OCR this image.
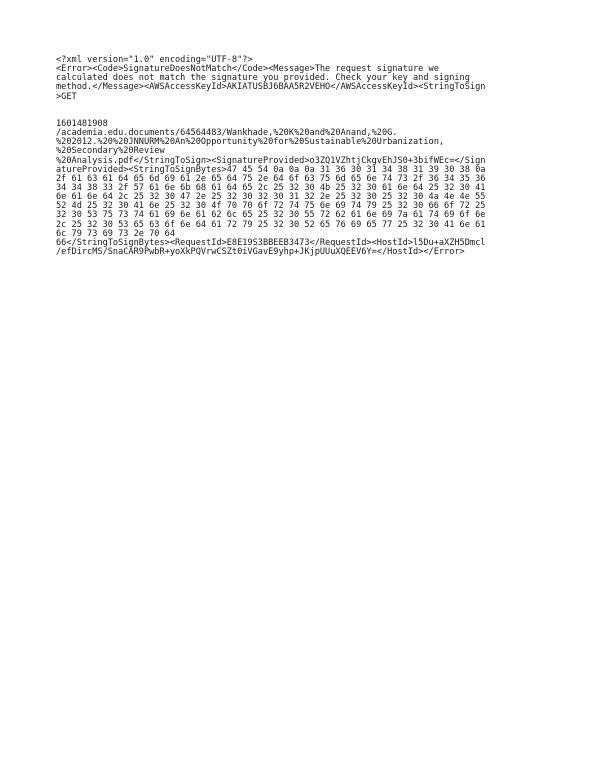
<?xml version="1.0" encoding="UTF-8"?>
<Error><Code>SignatureDoesNotMatch</Code><Message>The request signature we
calculated does not match the signature you provided. Check your key and signing
method.</Message><AWSAccessKeyId>AKIATUSBJ6BAA5R2VEHO</AWSAccessKeyId><StringToSign
>GET
1601481908
/academia.edu.documents/64564483/Wankhade,%20K%20and%20Anand,%20G.
%202012.%20%20JNNURM%20An%20Opportunity%20for%20Sustainable%20Urbanization,
%20Secondary%20Review
%20Analysis.pdf</StringToSign><SignatureProvided>o3ZQ1VZhtjCkgvEhJS0+3bifWEc=</Sign
atureProvided><StringToSignBytes>47 45 54 0a 0a 0a 31 36 30 31 34 38 31 39 30 38 0a
2f 61 63 61 64 65 6d 69 61 2e 65 64 75 2e 64 6f 63 75 6d 65 6e 74 73 2f 36 34 35 36
34 34 38 33 2f 57 61 6e 6b 68 61 64 65 2c 25 32 30 4b 25 32 30 61 6e 64 25 32 30 41
6e 61 6e 64 2c 25 32 30 47 2e 25 32 30 32 30 31 32 2e 25 32 30 25 32 30 4a 4e 4e 55
52 4d 25 32 30 41 6e 25 32 30 4f 70 70 6f 72 74 75 6e 69 74 79 25 32 30 66 6f 72 25
32 30 53 75 73 74 61 69 6e 61 62 6c 65 25 32 30 55 72 62 61 6e 69 7a 61 74 69 6f 6e
2c 25 32 30 53 65 63 6f 6e 64 61 72 79 25 32 30 52 65 76 69 65 77 25 32 30 41 6e 61
6c 79 73 69 73 2e 70 64
66</StringToSignBytes><RequestId>E8E19S3BBEEB3473</RequestId><HostId>l5Du+aXZH5Dmcl
/efDircMS/SnaCAR9PwbR+yoXkPQVrwCSZt0iVGavE9yhp+JKjpUUuXQEEV6Y=</HostId></Error>
